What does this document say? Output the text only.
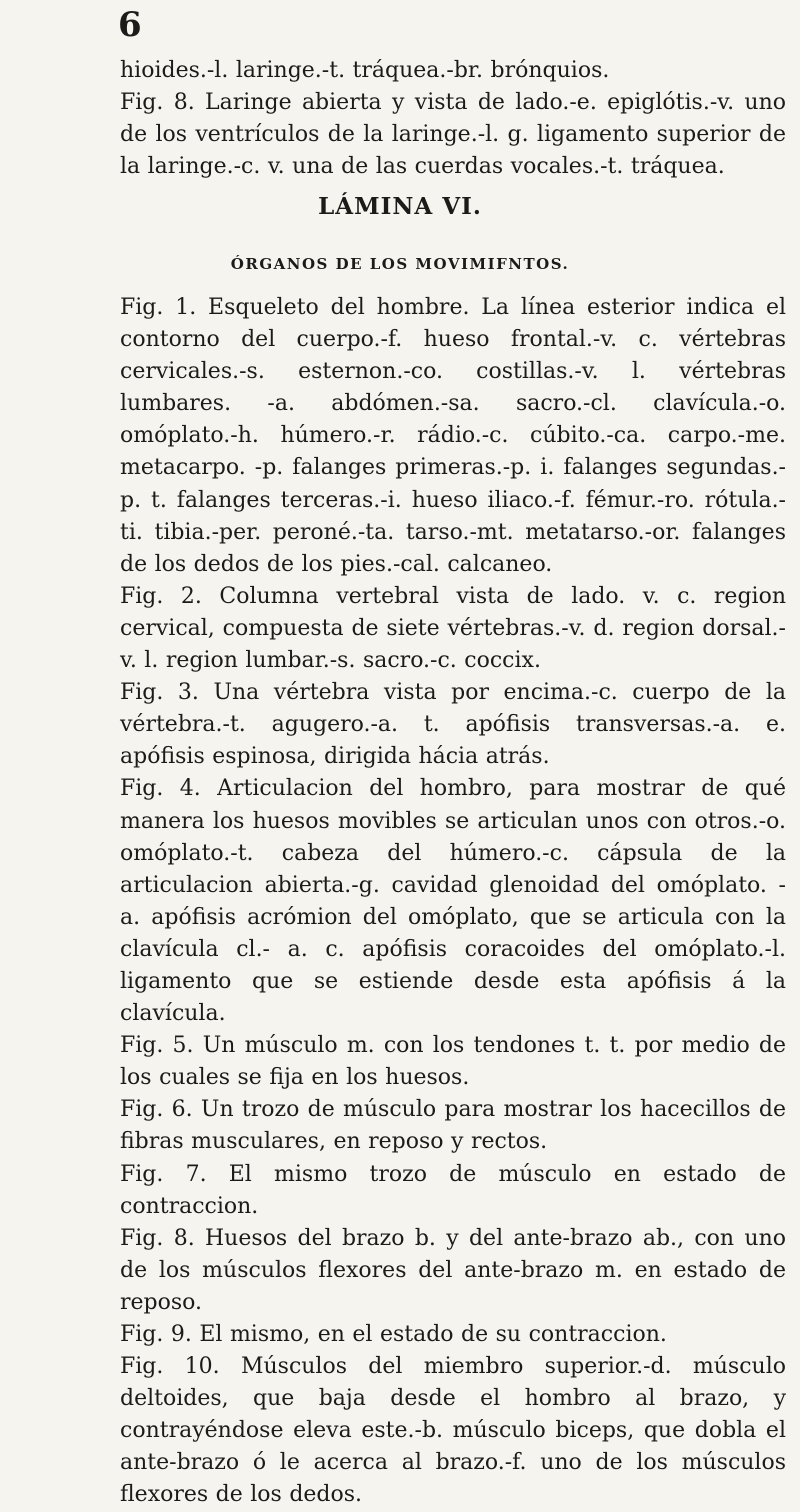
6

hioides.-l. laringe.-t. tráquea.-br. brónquios.

Fig. 8. Laringe abierta y vista de lado.-e. epiglótis.-v. uno de los ventrículos de la laringe.-l. g. ligamento superior de la laringe.-c. v. una de las cuerdas vocales.-t. tráquea.

LÁMINA VI.
ÓRGANOS DE LOS MOVIMIFNTOS.

Fig. 1. Esqueleto del hombre. La línea esterior indica el contorno del cuerpo.-f. hueso frontal.-v. c. vértebras cervicales.-s. esternon.-co. costillas.-v. l. vértebras lumbares. -a. abdómen.-sa. sacro.-cl. clavícula.-o. omóplato.-h. húmero.-r. rádio.-c. cúbito.-ca. carpo.-me. metacarpo. -p. falanges primeras.-p. i. falanges segundas.-p. t. falanges terceras.-i. hueso iliaco.-f. fémur.-ro. rótula.-ti. tibia.-per. peroné.-ta. tarso.-mt. metatarso.-or. falanges de los dedos de los pies.-cal. calcaneo.

Fig. 2. Columna vertebral vista de lado. v. c. region cervical, compuesta de siete vértebras.-v. d. region dorsal.-v. l. region lumbar.-s. sacro.-c. coccix.

Fig. 3. Una vértebra vista por encima.-c. cuerpo de la vértebra.-t. agugero.-a. t. apófisis transversas.-a. e. apófisis espinosa, dirigida hácia atrás.

Fig. 4. Articulacion del hombro, para mostrar de qué manera los huesos movibles se articulan unos con otros.-o. omóplato.-t. cabeza del húmero.-c. cápsula de la articulacion abierta.-g. cavidad glenoidad del omóplato. - a. apófisis acrómion del omóplato, que se articula con la clavícula cl.- a. c. apófisis coracoides del omóplato.-l. ligamento que se estiende desde esta apófisis á la clavícula.

Fig. 5. Un músculo m. con los tendones t. t. por medio de los cuales se fija en los huesos.

Fig. 6. Un trozo de músculo para mostrar los hacecillos de fibras musculares, en reposo y rectos.

Fig. 7. El mismo trozo de músculo en estado de contraccion.

Fig. 8. Huesos del brazo b. y del ante-brazo ab., con uno de los músculos flexores del ante-brazo m. en estado de reposo.

Fig. 9. El mismo, en el estado de su contraccion.

Fig. 10. Músculos del miembro superior.-d. músculo deltoides, que baja desde el hombro al brazo, y contrayéndose eleva este.-b. músculo biceps, que dobla el ante-brazo ó le acerca al brazo.-f. uno de los músculos flexores de los dedos.
